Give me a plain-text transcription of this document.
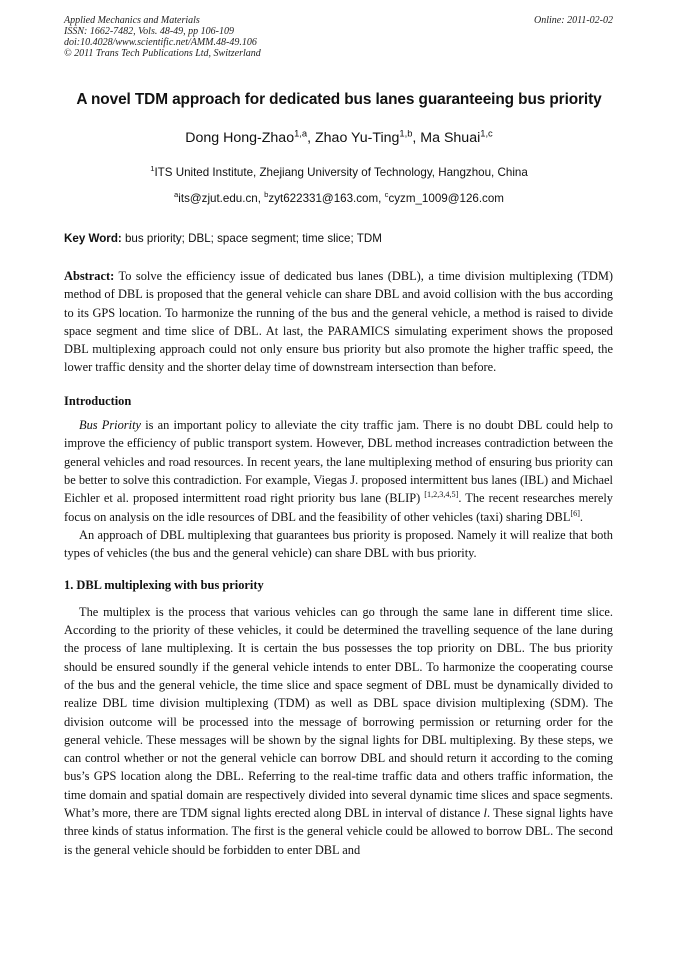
Applied Mechanics and Materials
ISSN: 1662-7482, Vols. 48-49, pp 106-109
doi:10.4028/www.scientific.net/AMM.48-49.106
© 2011 Trans Tech Publications Ltd, Switzerland
Online: 2011-02-02
A novel TDM approach for dedicated bus lanes guaranteeing bus priority
Dong Hong-Zhao$^{1,a}$, Zhao Yu-Ting$^{1,b}$, Ma Shuai$^{1,c}$
$^1$ITS United Institute, Zhejiang University of Technology, Hangzhou, China
$^a$its@zjut.edu.cn, $^b$zyt622331@163.com, $^c$cyzm_1009@126.com
Key Word: bus priority; DBL; space segment; time slice; TDM

Abstract: To solve the efficiency issue of dedicated bus lanes (DBL), a time division multiplexing (TDM) method of DBL is proposed that the general vehicle can share DBL and avoid collision with the bus according to its GPS location. To harmonize the running of the bus and the general vehicle, a method is raised to divide space segment and time slice of DBL. At last, the PARAMICS simulating experiment shows the proposed DBL multiplexing approach could not only ensure bus priority but also promote the higher traffic speed, the lower traffic density and the shorter delay time of downstream intersection than before.

Introduction

Bus Priority is an important policy to alleviate the city traffic jam. There is no doubt DBL could help to improve the efficiency of public transport system. However, DBL method increases contradiction between the general vehicles and road resources. In recent years, the lane multiplexing method of ensuring bus priority can be better to solve this contradiction. For example, Viegas J. proposed intermittent bus lanes (IBL) and Michael Eichler et al. proposed intermittent road right priority bus lane (BLIP) [1,2,3,4,5]. The recent researches merely focus on analysis on the idle resources of DBL and the feasibility of other vehicles (taxi) sharing DBL[6].

An approach of DBL multiplexing that guarantees bus priority is proposed. Namely it will realize that both types of vehicles (the bus and the general vehicle) can share DBL with bus priority.

1. DBL multiplexing with bus priority

The multiplex is the process that various vehicles can go through the same lane in different time slice. According to the priority of these vehicles, it could be determined the travelling sequence of the lane during the process of lane multiplexing. It is certain the bus possesses the top priority on DBL. The bus priority should be ensured soundly if the general vehicle intends to enter DBL. To harmonize the cooperating course of the bus and the general vehicle, the time slice and space segment of DBL must be dynamically divided to realize DBL time division multiplexing (TDM) as well as DBL space division multiplexing (SDM). The division outcome will be processed into the message of borrowing permission or returning order for the general vehicle. These messages will be shown by the signal lights for DBL multiplexing. By these steps, we can control whether or not the general vehicle can borrow DBL and should return it according to the coming bus’s GPS location along the DBL. Referring to the real-time traffic data and others traffic information, the time domain and spatial domain are respectively divided into several dynamic time slices and space segments. What’s more, there are TDM signal lights erected along DBL in interval of distance l. These signal lights have three kinds of status information. The first is the general vehicle could be allowed to borrow DBL. The second is the general vehicle should be forbidden to enter DBL and
